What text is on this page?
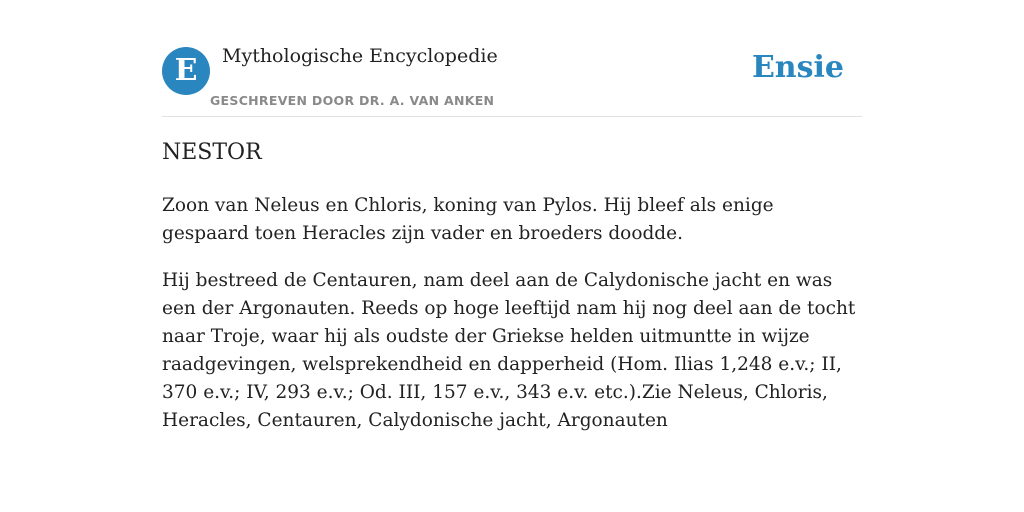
E	Mythologische Encyclopedie
GESCHREVEN DOOR DR. A. VAN ANKEN
Ensie
NESTOR

Zoon van Neleus en Chloris, koning van Pylos. Hij bleef als enige gespaard toen Heracles zijn vader en broeders doodde.

Hij bestreed de Centauren, nam deel aan de Calydonische jacht en was een der Argonauten. Reeds op hoge leeftijd nam hij nog deel aan de tocht naar Troje, waar hij als oudste der Griekse helden uitmuntte in wijze raadgevingen, welsprekendheid en dapperheid (Hom. Ilias 1,248 e.v.; II, 370 e.v.; IV, 293 e.v.; Od. III, 157 e.v., 343 e.v. etc.).Zie Neleus, Chloris, Heracles, Centauren, Calydonische jacht, Argonauten
